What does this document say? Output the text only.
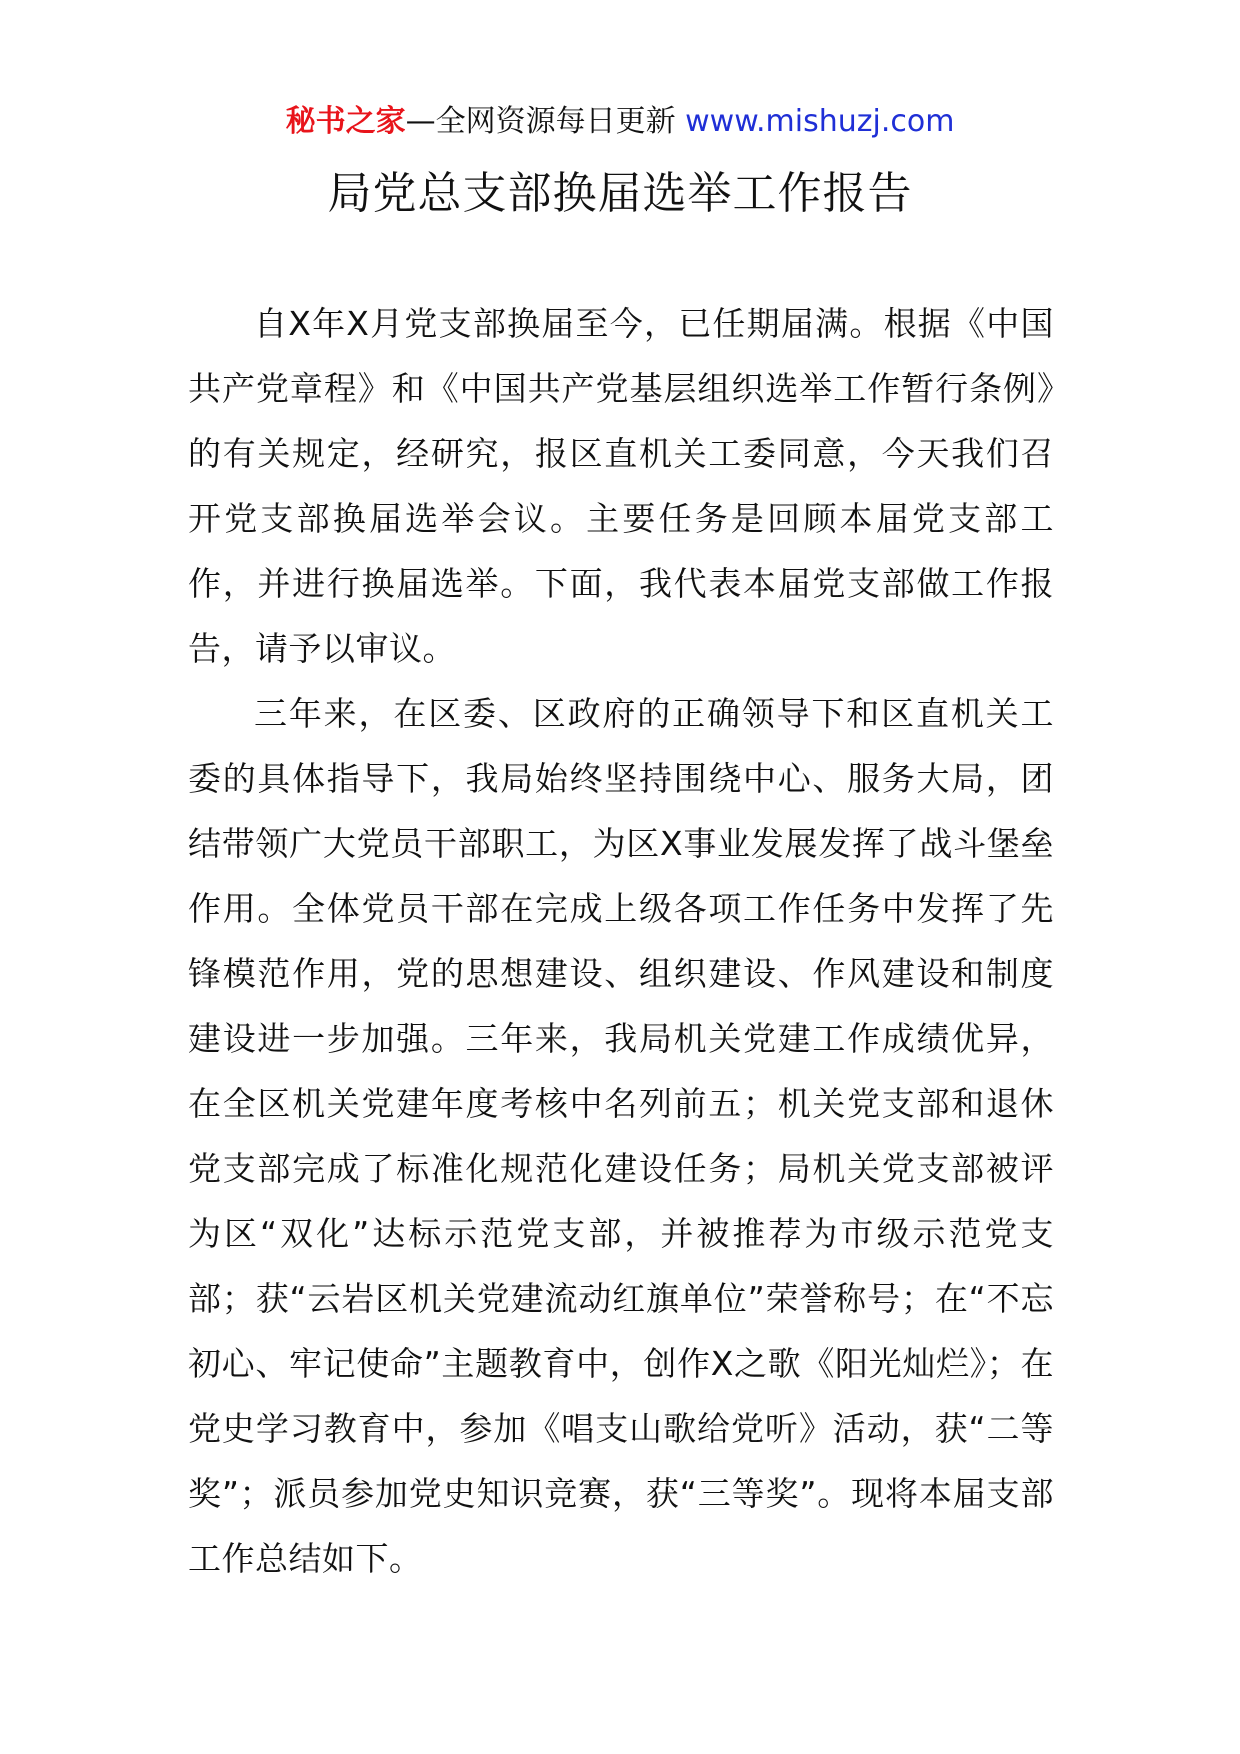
秘书之家—全网资源每日更新 www.mishuzj.com
局党总支部换届选举工作报告

自X年X月党支部换届至今，已任期届满。根据《中国共产党章程》和《中国共产党基层组织选举工作暂行条例》的有关规定，经研究，报区直机关工委同意，今天我们召开党支部换届选举会议。主要任务是回顾本届党支部工作，并进行换届选举。下面，我代表本届党支部做工作报告，请予以审议。

三年来，在区委、区政府的正确领导下和区直机关工委的具体指导下，我局始终坚持围绕中心、服务大局，团结带领广大党员干部职工，为区X事业发展发挥了战斗堡垒作用。全体党员干部在完成上级各项工作任务中发挥了先锋模范作用，党的思想建设、组织建设、作风建设和制度建设进一步加强。三年来，我局机关党建工作成绩优异，在全区机关党建年度考核中名列前五；机关党支部和退休党支部完成了标准化规范化建设任务；局机关党支部被评为区“双化”达标示范党支部，并被推荐为市级示范党支部；获“云岩区机关党建流动红旗单位”荣誉称号；在“不忘初心、牢记使命”主题教育中，创作X之歌《阳光灿烂》；在党史学习教育中，参加《唱支山歌给党听》活动，获“二等奖”；派员参加党史知识竞赛，获“三等奖”。现将本届支部工作总结如下。
